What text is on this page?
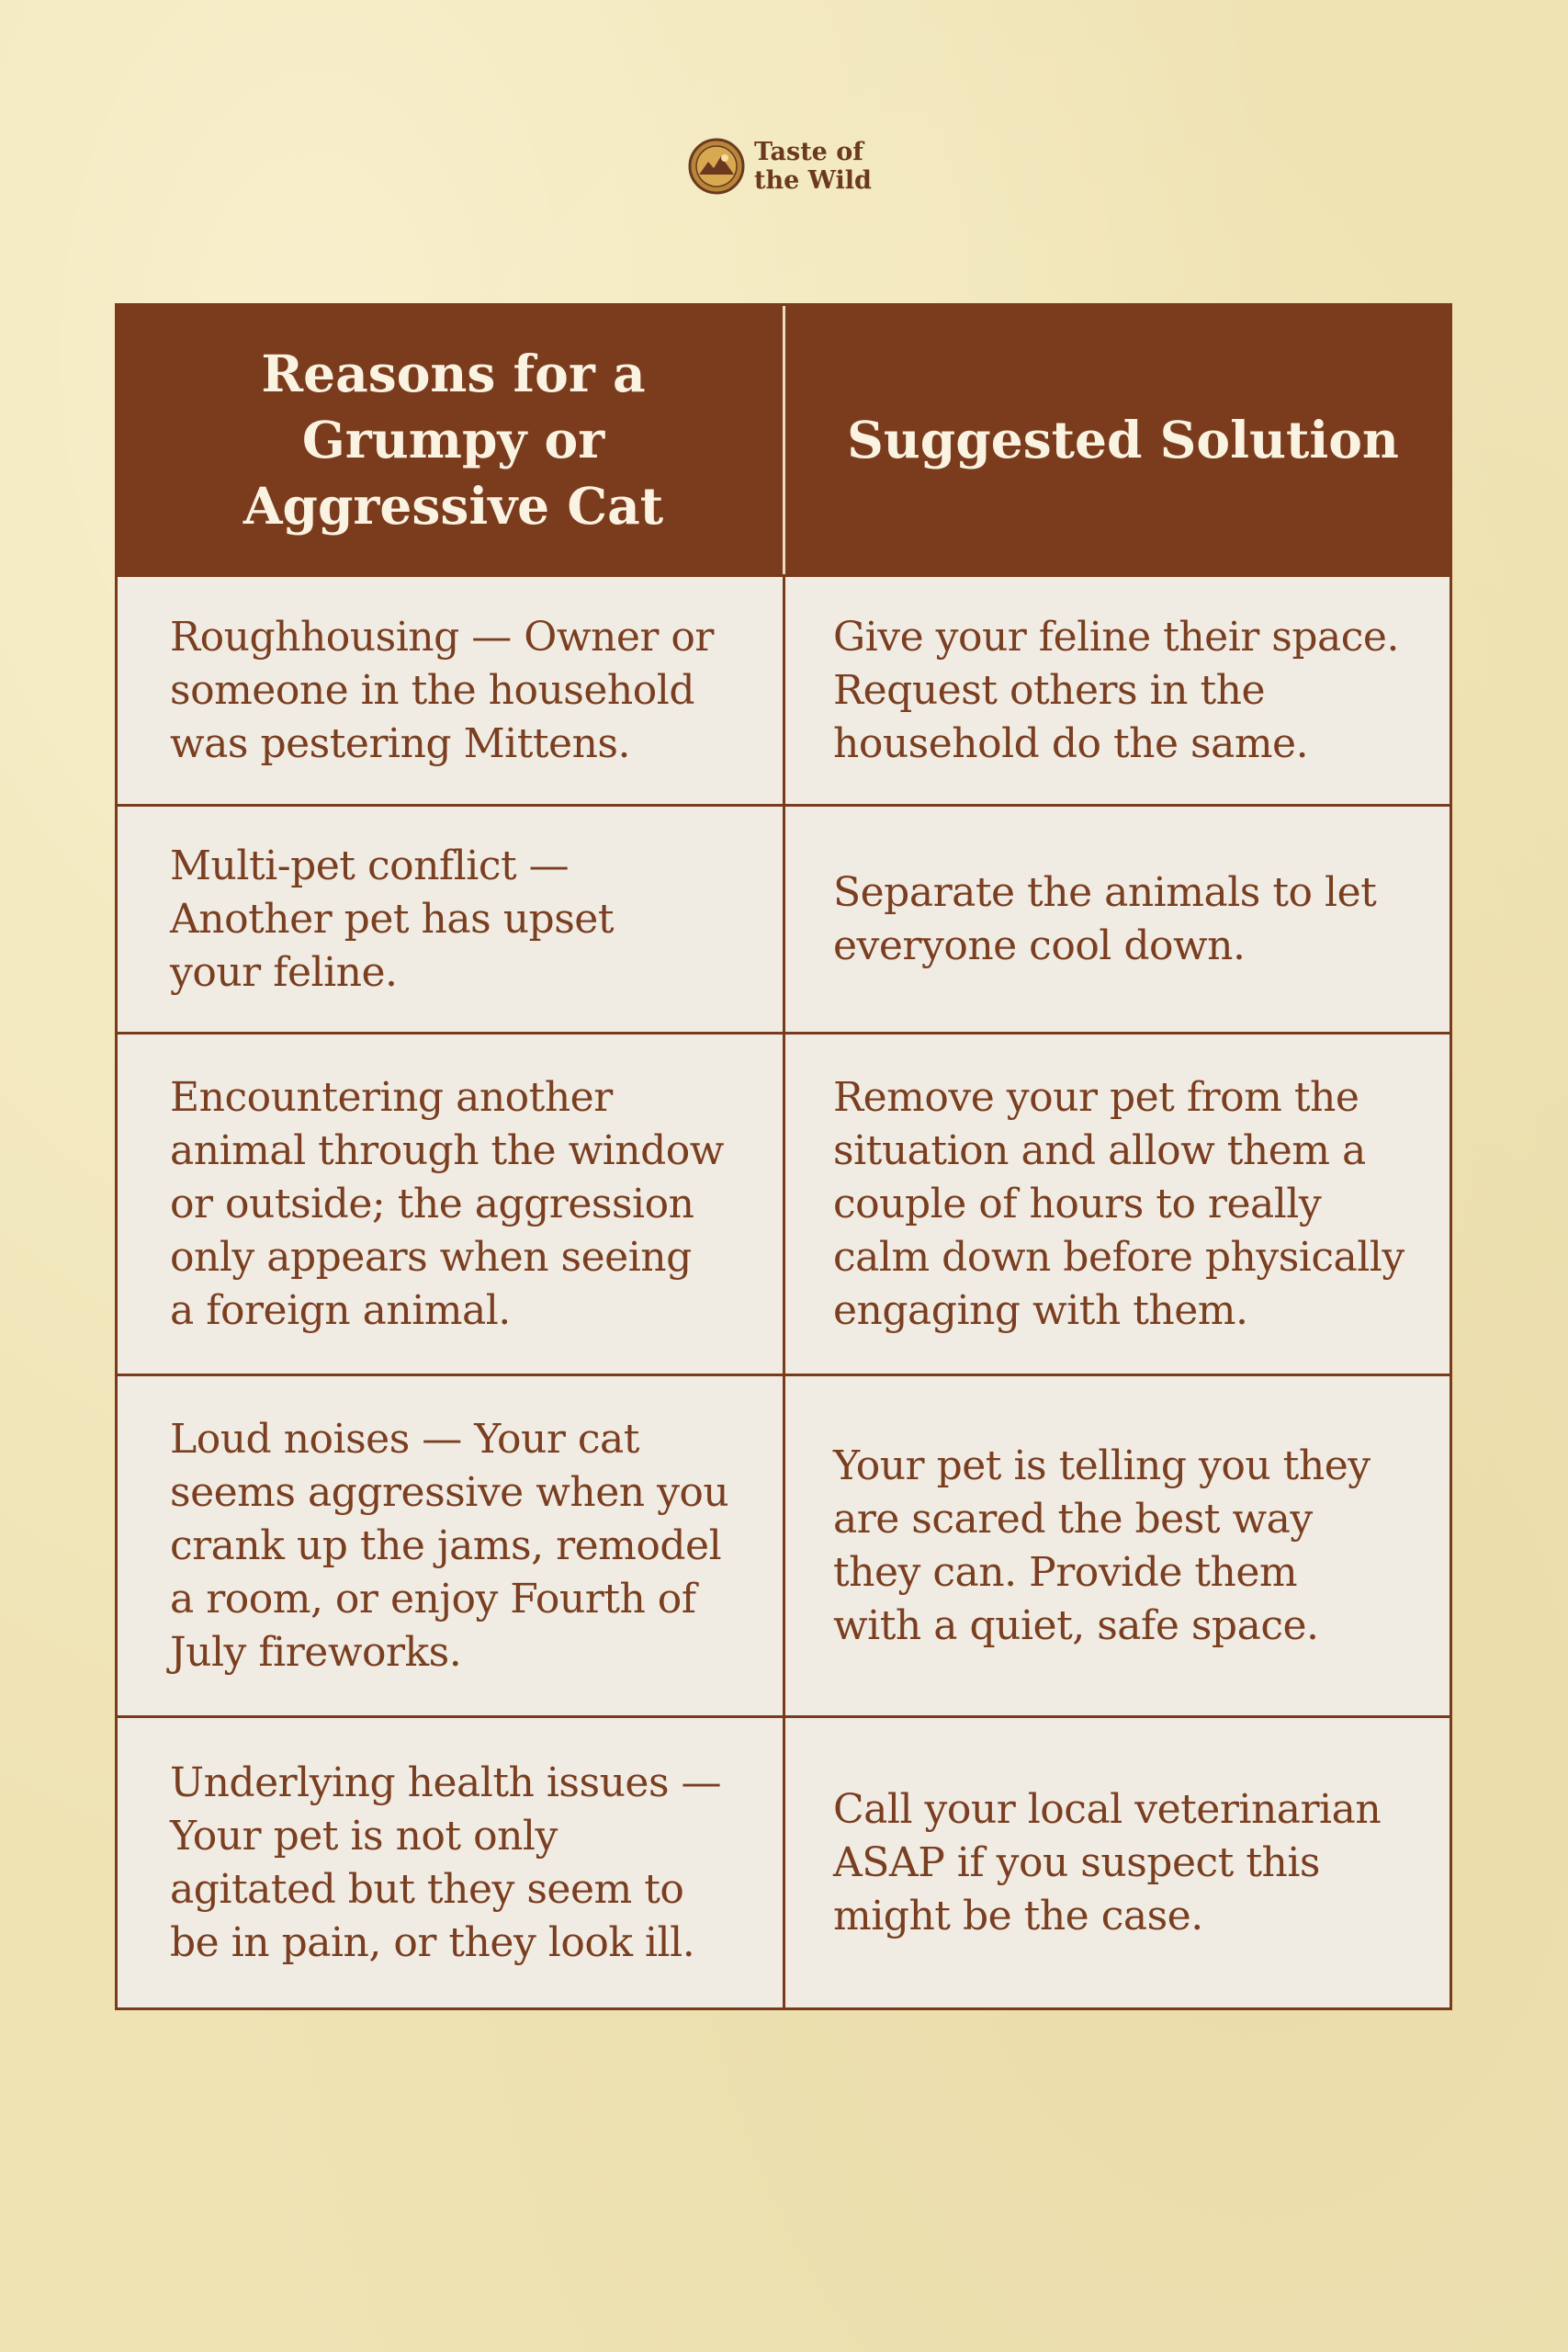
Taste of
the Wild
Reasons for a
Grumpy or
Aggressive Cat
Suggested Solution
Roughhousing — Owner or
someone in the household
was pestering Mittens.
Give your feline their space.
Request others in the
household do the same.
Multi-pet conflict —
Another pet has upset
your feline.
Separate the animals to let
everyone cool down.
Encountering another
animal through the window
or outside; the aggression
only appears when seeing
a foreign animal.
Remove your pet from the
situation and allow them a
couple of hours to really
calm down before physically
engaging with them.
Loud noises — Your cat
seems aggressive when you
crank up the jams, remodel
a room, or enjoy Fourth of
July fireworks.
Your pet is telling you they
are scared the best way
they can. Provide them
with a quiet, safe space.
Underlying health issues —
Your pet is not only
agitated but they seem to
be in pain, or they look ill.
Call your local veterinarian
ASAP if you suspect this
might be the case.
